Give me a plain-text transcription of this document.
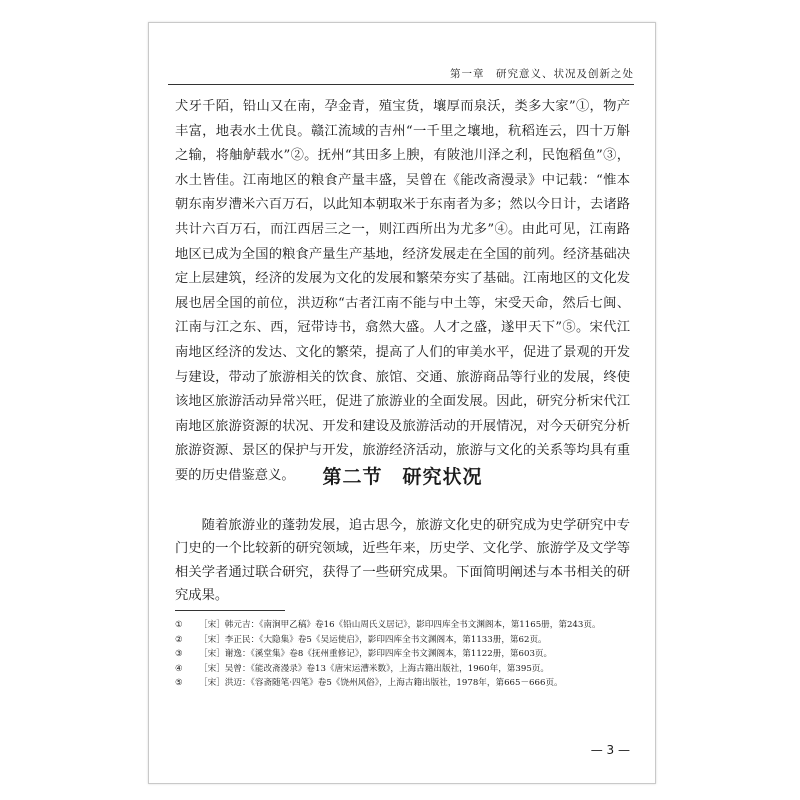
第一章　研究意义、状况及创新之处

犬牙千陌，铅山又在南，孕金青，殖宝货，壤厚而泉沃，类多大家”①，物产丰富，地表水土优良。赣江流域的吉州“一千里之壤地，秔稻连云，四十万斛之输，将舳舻载水”②。抚州“其田多上腴，有陂池川泽之利，民饱稻鱼”③，水土皆佳。江南地区的粮食产量丰盛，吴曾在《能改斋漫录》中记载：“惟本朝东南岁漕米六百万石，以此知本朝取米于东南者为多；然以今日计，去诸路共计六百万石，而江西居三之一，则江西所出为尤多”④。由此可见，江南路地区已成为全国的粮食产量生产基地，经济发展走在全国的前列。经济基础决定上层建筑，经济的发展为文化的发展和繁荣夯实了基础。江南地区的文化发展也居全国的前位，洪迈称“古者江南不能与中土等，宋受天命，然后七闽、江南与江之东、西，冠带诗书，翕然大盛。人才之盛，遂甲天下”⑤。宋代江南地区经济的发达、文化的繁荣，提高了人们的审美水平，促进了景观的开发与建设，带动了旅游相关的饮食、旅馆、交通、旅游商品等行业的发展，终使该地区旅游活动异常兴旺，促进了旅游业的全面发展。因此，研究分析宋代江南地区旅游资源的状况、开发和建设及旅游活动的开展情况，对今天研究分析旅游资源、景区的保护与开发，旅游经济活动，旅游与文化的关系等均具有重要的历史借鉴意义。	第二节　研究状况

随着旅游业的蓬勃发展，追古思今，旅游文化史的研究成为史学研究中专门史的一个比较新的研究领域，近些年来，历史学、文化学、旅游学及文学等相关学者通过联合研究，获得了一些研究成果。下面简明阐述与本书相关的研究成果。

① ［宋］韩元吉：《南涧甲乙稿》卷16《铅山周氏义居记》，影印四库全书文渊阁本，第1165册，第243页。
② ［宋］李正民：《大隐集》卷5《吴运使启》，影印四库全书文渊阁本，第1133册，第62页。
③ ［宋］谢逸：《溪堂集》卷8《抚州重修记》，影印四库全书文渊阁本，第1122册，第603页。
④ ［宋］吴曾：《能改斋漫录》卷13《唐宋运漕米数》，上海古籍出版社，1960年，第395页。
⑤ ［宋］洪迈：《容斋随笔·四笔》卷5《饶州风俗》，上海古籍出版社，1978年，第665－666页。
— 3 —
